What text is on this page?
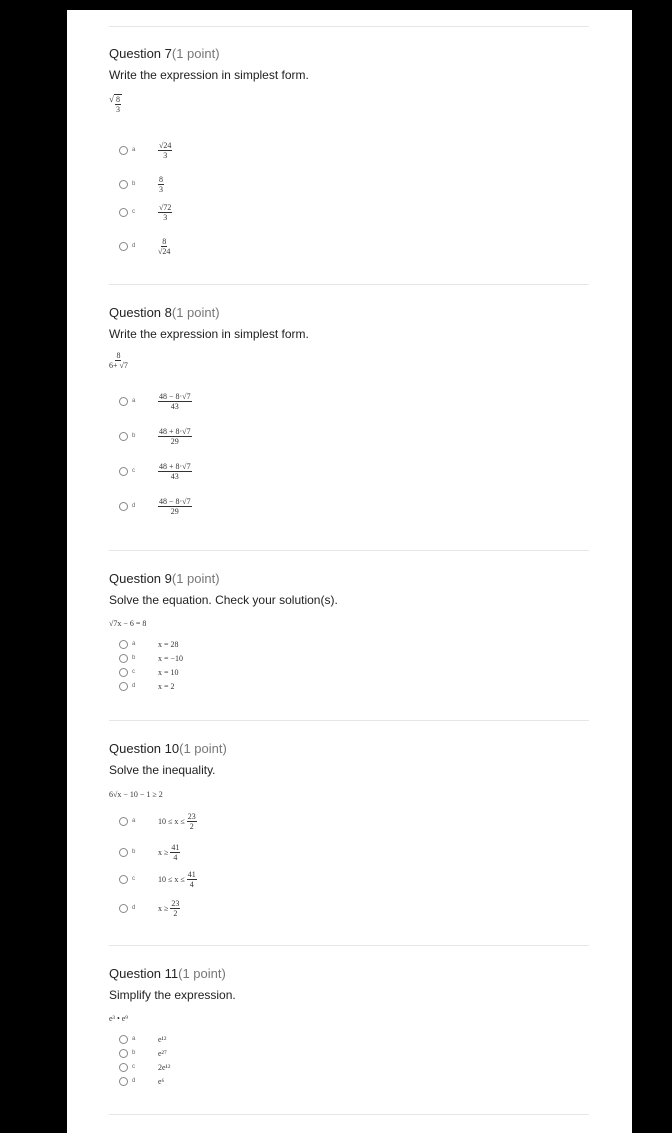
Question 7(1 point)
Write the expression in simplest form.
√ $\frac{8}{3}$
a	$\frac{√24}{3}$
b	$\frac{8}{3}$
c	$\frac{√72}{3}$
d	$\frac{8}{√24}$
Question 8(1 point)
Write the expression in simplest form.
$\frac{8}{6+ √7}$
a	$\frac{48 - 8\cdot√7}{43}$
b	$\frac{48 + 8\cdot√7}{29}$
c	$\frac{48 + 8\cdot√7}{43}$
d	$\frac{48 - 8\cdot√7}{29}$
Question 9(1 point)
Solve the equation. Check your solution(s).
√7x − 6 = 8
a	x = 28
b	x = −10
c	x = 10
d	x = 2
Question 10(1 point)
Solve the inequality.
6√x − 10 − 1 ≥ 2
a	10 ≤ x ≤
$\frac{23}{2}$
b	x ≥
$\frac{41}{4}$
c	10 ≤ x ≤
$\frac{41}{4}$
d	x ≥
$\frac{23}{2}$
Question 11(1 point)
Simplify the expression.
e³ • e⁹
a	e¹²
b	e²⁷
c	2e¹²
d	e⁶
